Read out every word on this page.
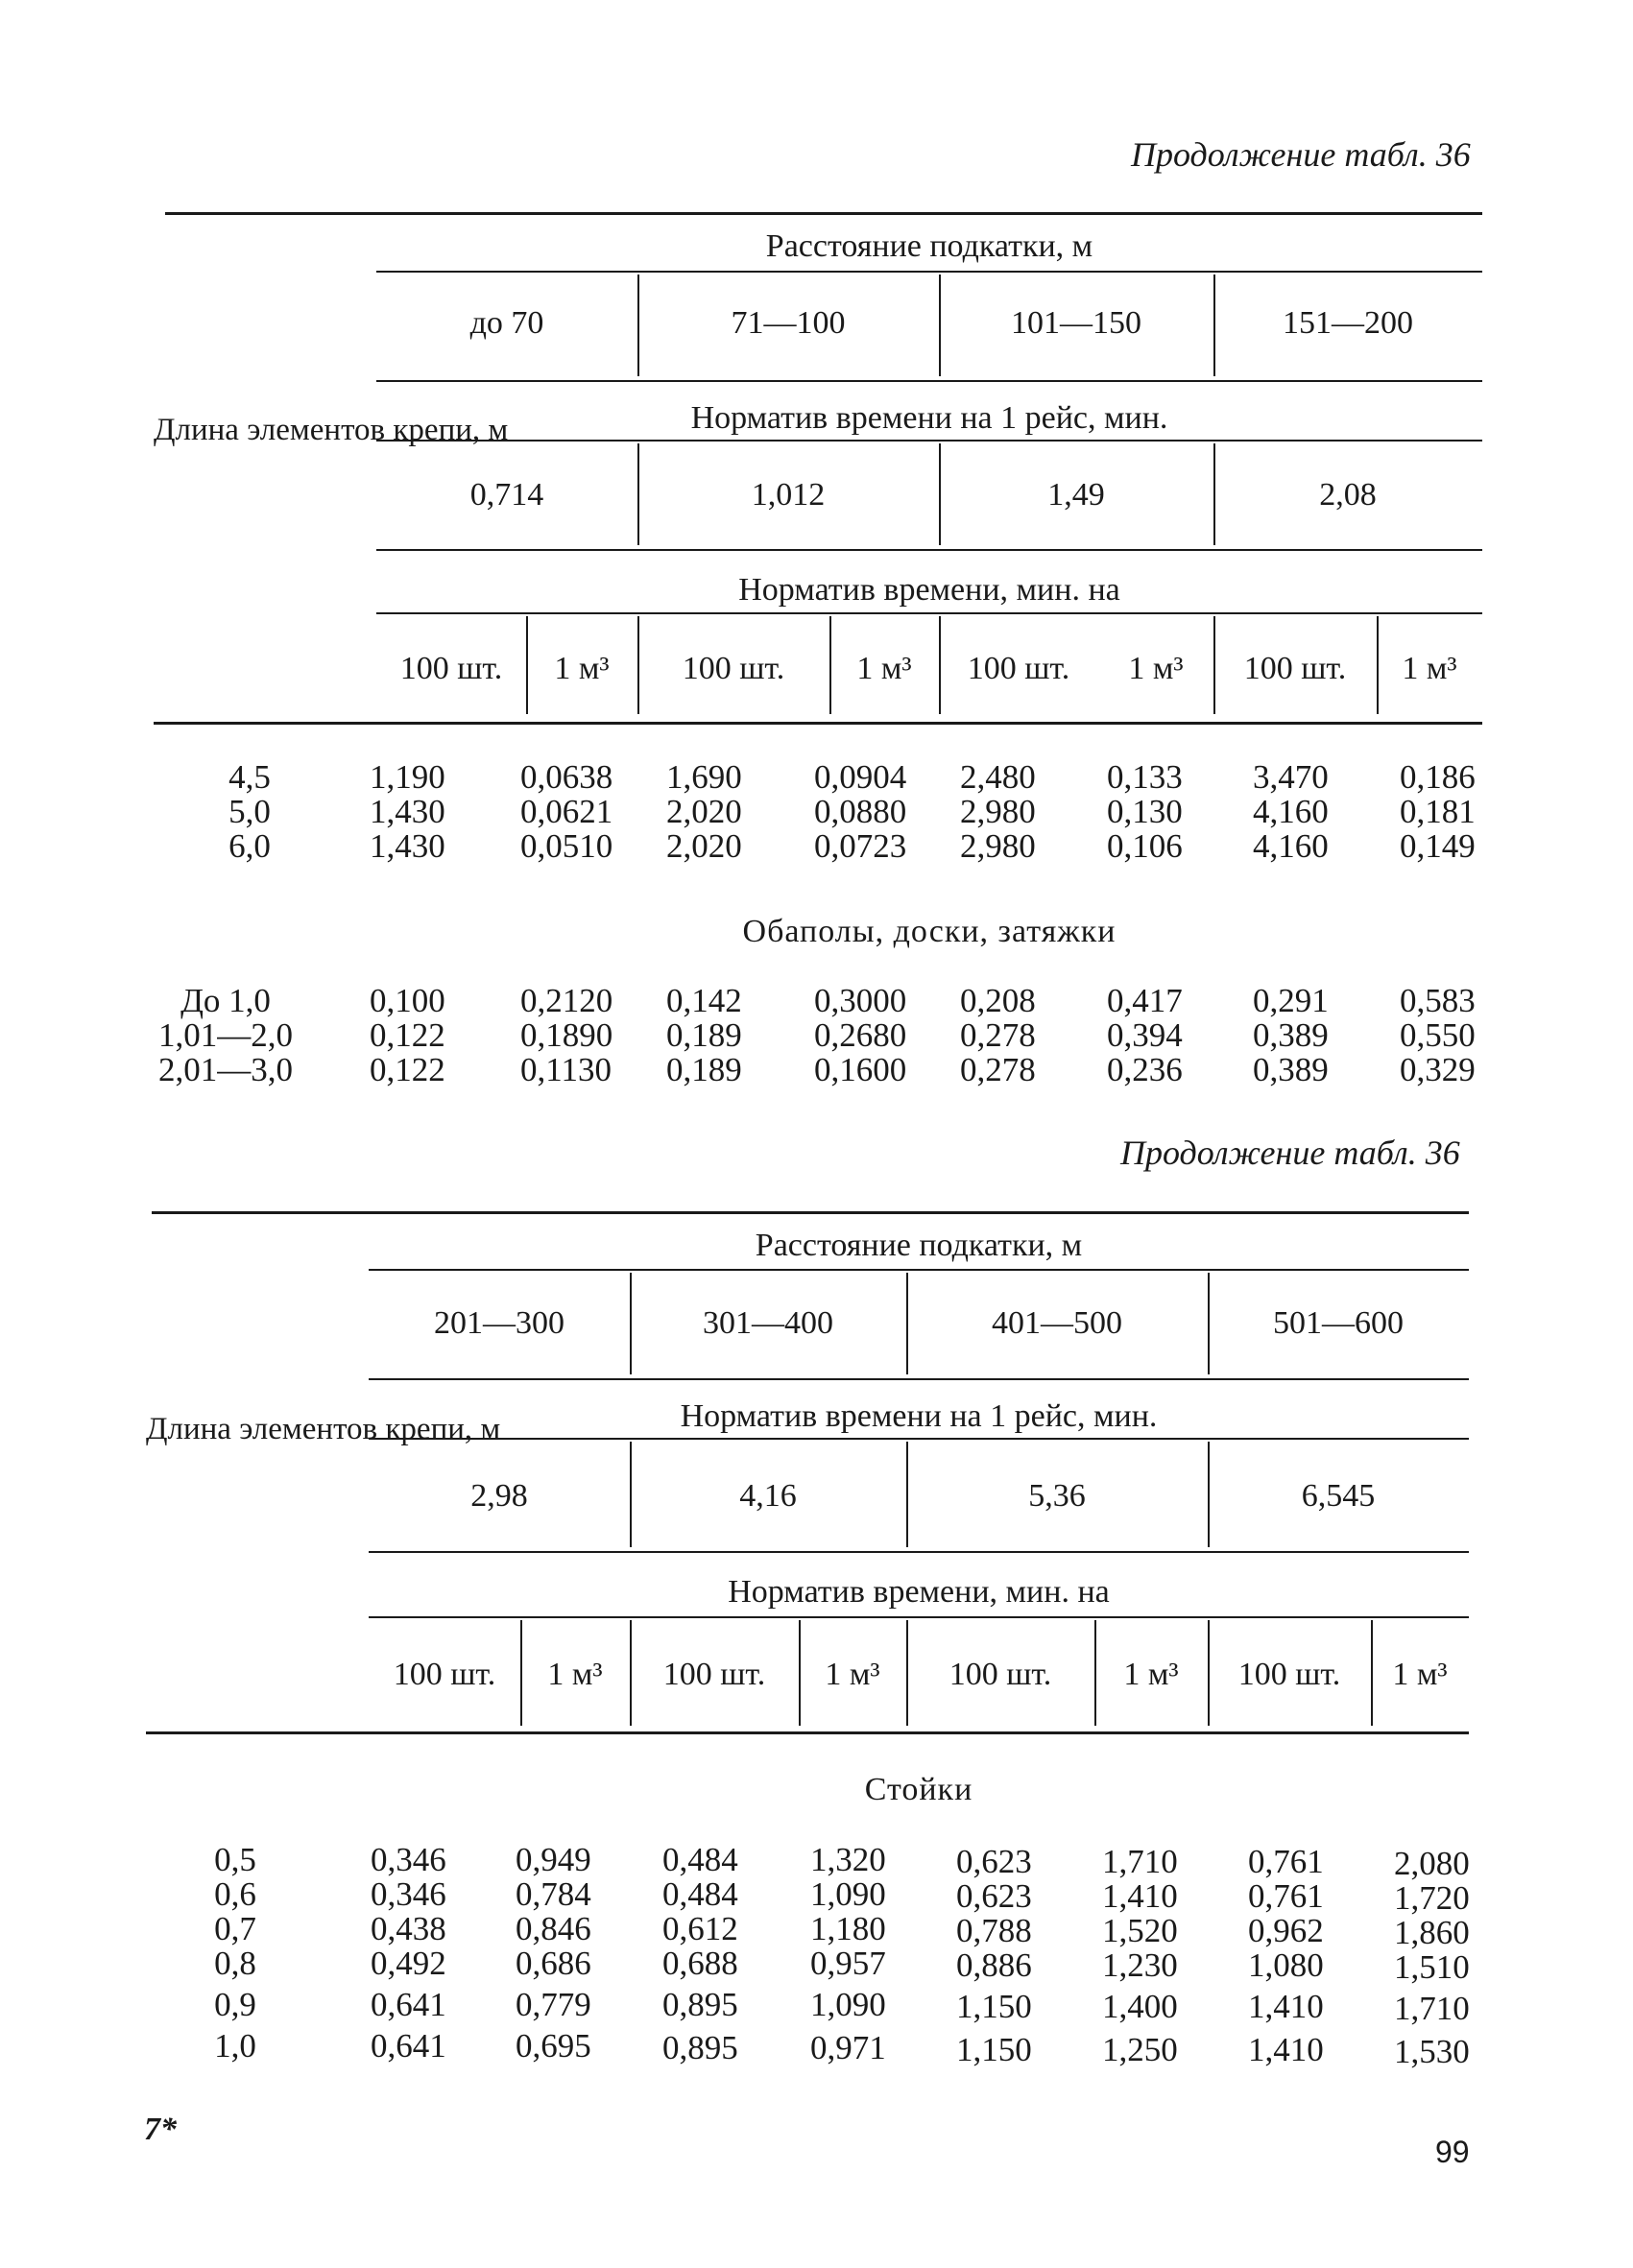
Продолжение табл. 36
Расстояние подкатки, м
до 70	71—100	101—150	151—200
Норматив времени на 1 рейс, мин.
Длина элементов крепи, м
0,714	1,012	1,49	2,08
Норматив времени, мин. на
100 шт.	1 м³	100 шт.	1 м³	100 шт.	1 м³	100 шт.	1 м³
4,5	1,190 0,0638 1,690 0,0904 2,480 0,133 3,470 0,186
5,0	1,430 0,0621 2,020 0,0880 2,980 0,130 4,160 0,181
6,0	1,430 0,0510 2,020 0,0723 2,980 0,106 4,160 0,149
Обаполы, доски, затяжки
До 1,0	0,100 0,2120 0,142 0,3000 0,208 0,417 0,291 0,583
1,01—2,0 0,122 0,1890 0,189 0,2680 0,278 0,394 0,389 0,550
2,01—3,0 0,122 0,1130 0,189 0,1600 0,278 0,236 0,389 0,329
Продолжение табл. 36
Расстояние подкатки, м
201—300	301—400	401—500	501—600
Норматив времени на 1 рейс, мин.
Длина элементов крепи, м
2,98	4,16	5,36	6,545
Норматив времени, мин. на
100 шт.	1 м³	100 шт.	1 м³	100 шт.	1 м³	100 шт.	1 м³
Стойки
0,5	0,346 0,949 0,484 1,320 0,623 1,710 0,761 2,080
0,6	0,346 0,784 0,484 1,090 0,623 1,410 0,761 1,720
0,7	0,438 0,846 0,612 1,180 0,788 1,520 0,962 1,860
0,8	0,492 0,686 0,688 0,957 0,886 1,230 1,080 1,510
0,9	0,641 0,779 0,895 1,090 1,150 1,400 1,410 1,710
1,0	0,641 0,695 0,895 0,971 1,150 1,250 1,410 1,530
7*
99
